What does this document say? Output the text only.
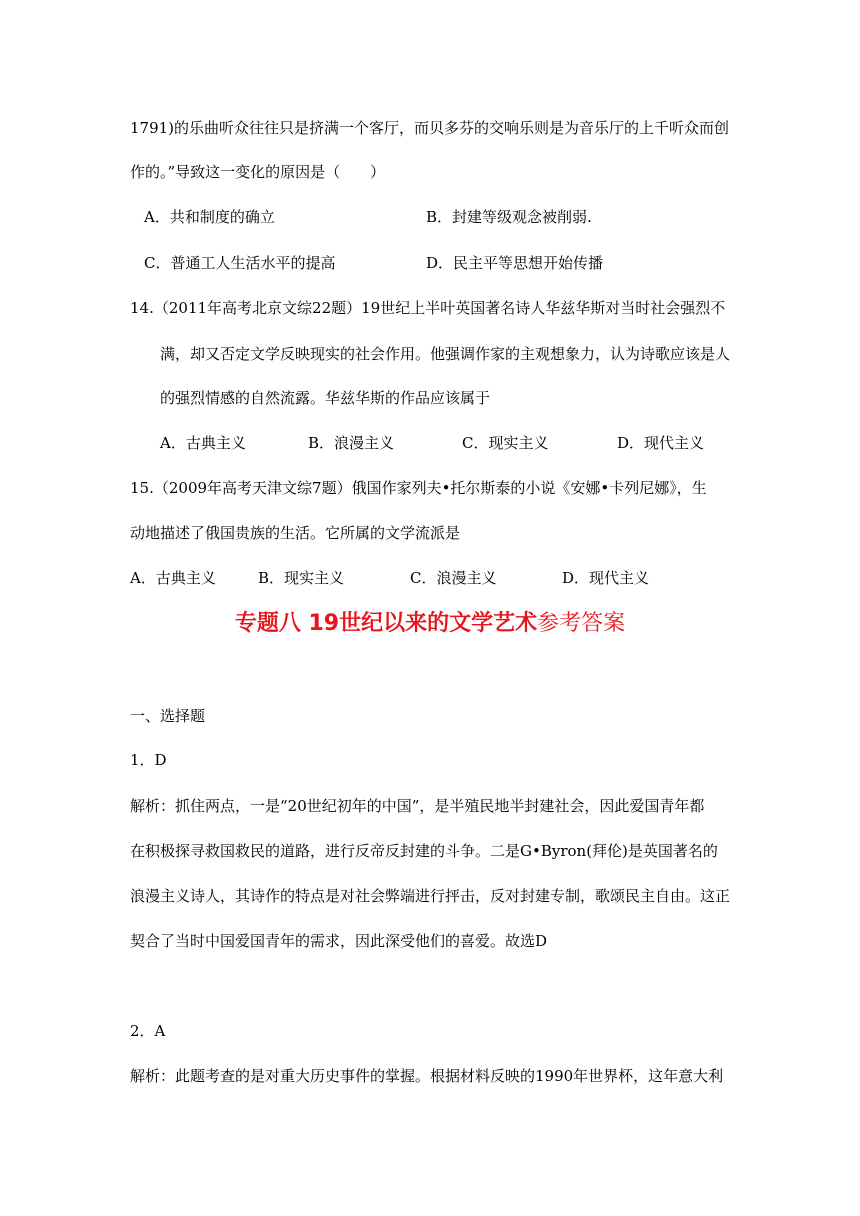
1791)的乐曲听众往往只是挤满一个客厅，而贝多芬的交响乐则是为音乐厅的上千听众而创
作的。”导致这一变化的原因是（　　）
A．共和制度的确立	B．封建等级观念被削弱.
C．普通工人生活水平的提高	D．民主平等思想开始传播
14.（2011年高考北京文综22题）19世纪上半叶英国著名诗人华兹华斯对当时社会强烈不
满，却又否定文学反映现实的社会作用。他强调作家的主观想象力，认为诗歌应该是人
的强烈情感的自然流露。华兹华斯的作品应该属于
A．古典主义	B．浪漫主义	C．现实主义	D．现代主义
15.（2009年高考天津文综7题）俄国作家列夫•托尔斯泰的小说《安娜•卡列尼娜》，生
动地描述了俄国贵族的生活。它所属的文学流派是
A．古典主义	B．现实主义	C．浪漫主义	D．现代主义
专题八 19世纪以来的文学艺术参考答案
一、选择题
1．D
解析：抓住两点，一是“20世纪初年的中国”，是半殖民地半封建社会，因此爱国青年都
在积极探寻救国救民的道路，进行反帝反封建的斗争。二是G•Byron(拜伦)是英国著名的
浪漫主义诗人，其诗作的特点是对社会弊端进行抨击，反对封建专制，歌颂民主自由。这正
契合了当时中国爱国青年的需求，因此深受他们的喜爱。故选D
2．A
解析：此题考查的是对重大历史事件的掌握。根据材料反映的1990年世界杯，这年意大利
